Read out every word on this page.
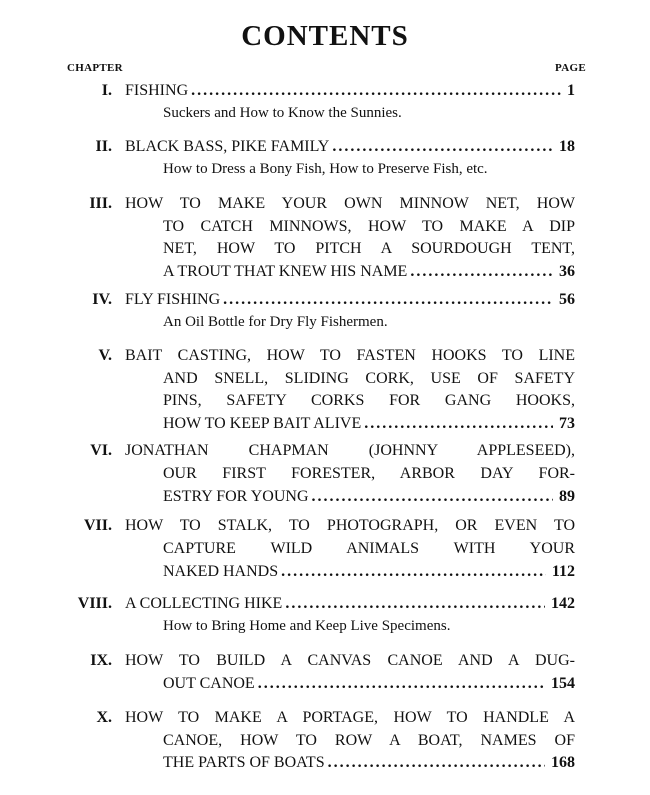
CONTENTS
CHAPTER	PAGE
I. FISHING .....	1
Suckers and How to Know the Sunnies.
II. BLACK BASS, PIKE FAMILY .....	18
How to Dress a Bony Fish, How to Preserve Fish, etc.
III. HOW TO MAKE YOUR OWN MINNOW NET, HOW
TO CATCH MINNOWS, HOW TO MAKE A DIP
NET, HOW TO PITCH A SOURDOUGH TENT,
A TROUT THAT KNEW HIS NAME .....	36
IV. FLY FISHING .....	56
An Oil Bottle for Dry Fly Fishermen.
V. BAIT CASTING, HOW TO FASTEN HOOKS TO LINE
AND SNELL, SLIDING CORK, USE OF SAFETY
PINS, SAFETY CORKS FOR GANG HOOKS,
HOW TO KEEP BAIT ALIVE .....	73
VI. JONATHAN CHAPMAN (JOHNNY APPLESEED),
OUR FIRST FORESTER, ARBOR DAY FOR-
ESTRY FOR YOUNG .....	89
VII. HOW TO STALK, TO PHOTOGRAPH, OR EVEN TO
CAPTURE WILD ANIMALS WITH YOUR
NAKED HANDS .....	112
VIII. A COLLECTING HIKE .....	142
How to Bring Home and Keep Live Specimens.
IX. HOW TO BUILD A CANVAS CANOE AND A DUG-
OUT CANOE .....	154
X. HOW TO MAKE A PORTAGE, HOW TO HANDLE A
CANOE, HOW TO ROW A BOAT, NAMES OF
THE PARTS OF BOATS .....	168
